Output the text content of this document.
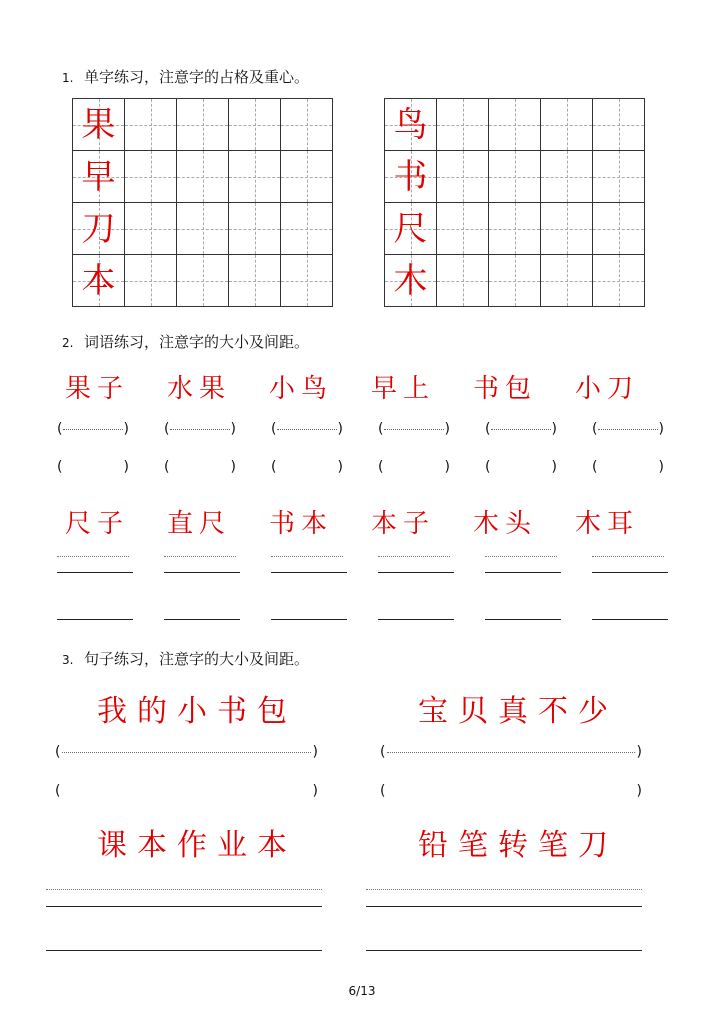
1. 单字练习，注意字的占格及重心。
果
早
刀
本
鸟
书
尺
木
2. 词语练习，注意字的大小及间距。
果子	水果	小鸟	早上	书包	小刀
(	)	(	)	(	)	(	)	(	)	(	)
(	)	(	)	(	)	(	)	(	)	(	)
尺子	直尺	书本	本子	木头	木耳
3. 句子练习，注意字的大小及间距。
我的小书包	宝贝真不少
(	)	(	)
(	)	(	)
课本作业本	铅笔转笔刀
6/13
